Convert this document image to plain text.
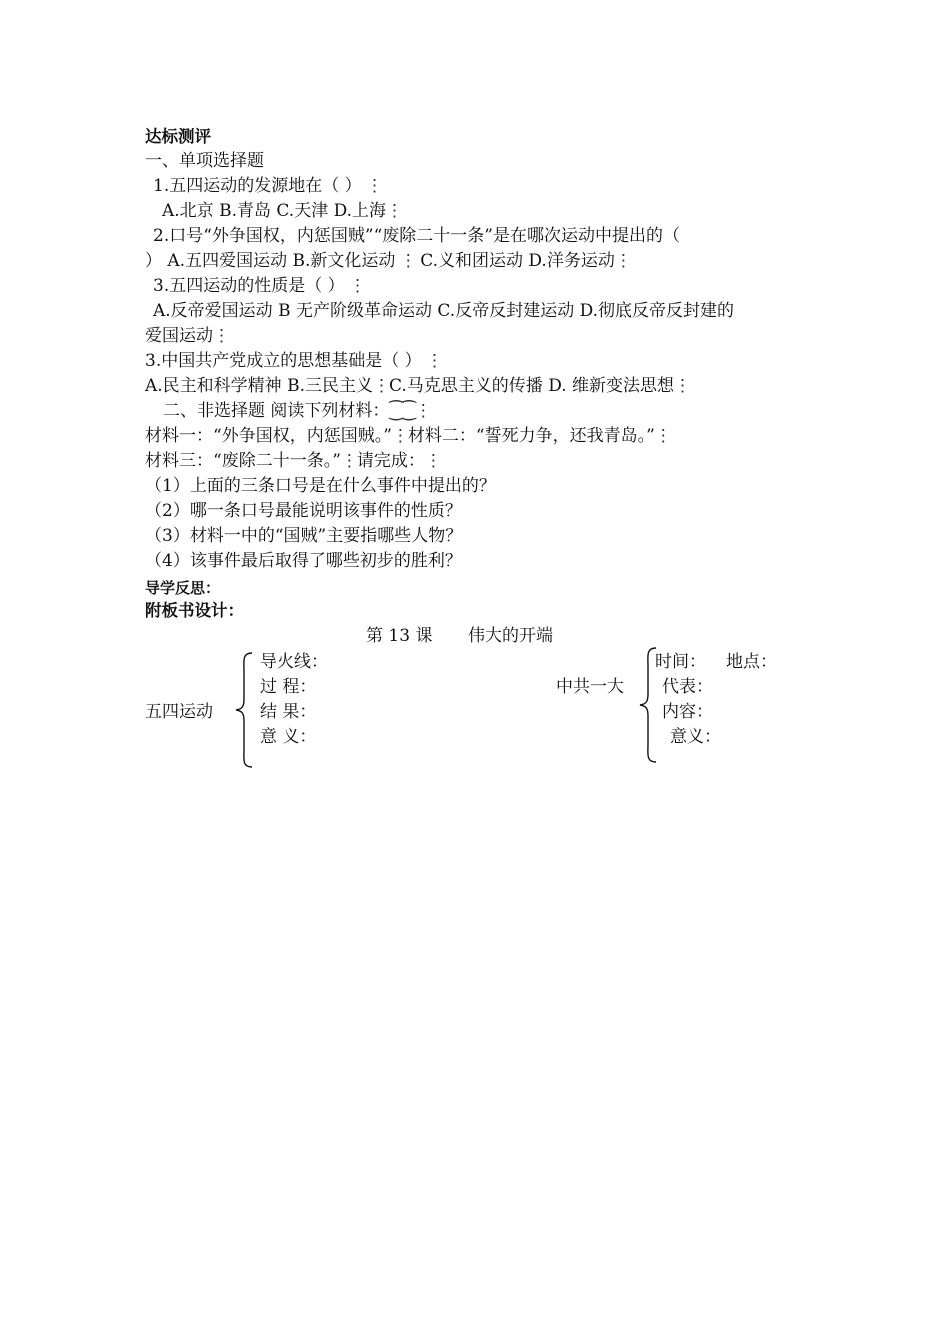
达标测评
一、单项选择题
1.五四运动的发源地在（ ） ⋮
A.北京 B.青岛 C.天津 D.上海⋮
2.口号“外争国权，内惩国贼”“废除二十一条”是在哪次运动中提出的（
） A.五四爱国运动 B.新文化运动 ⋮ C.义和团运动 D.洋务运动⋮
3.五四运动的性质是（ ） ⋮
A.反帝爱国运动 B 无产阶级革命运动 C.反帝反封建运动 D.彻底反帝反封建的
爱国运动⋮
3.中国共产党成立的思想基础是（ ） ⋮
A.民主和科学精神 B.三民主义⋮C.马克思主义的传播 D. 维新变法思想⋮
二、非选择题 阅读下列材料：⁐⁐⋮
材料一：“外争国权，内惩国贼。”⋮材料二：“誓死力争，还我青岛。”⋮
材料三：“废除二十一条。”⋮请完成：⋮
（1）上面的三条口号是在什么事件中提出的？
（2）哪一条口号最能说明该事件的性质？
（3）材料一中的“国贼”主要指哪些人物？
（4）该事件最后取得了哪些初步的胜利？
导学反思：
附板书设计：
第 13 课 伟大的开端
五四运动
导火线：
过 程：
结 果：
意 义：
中共一大
时间： 地点：
代表：
内容：
意义：
